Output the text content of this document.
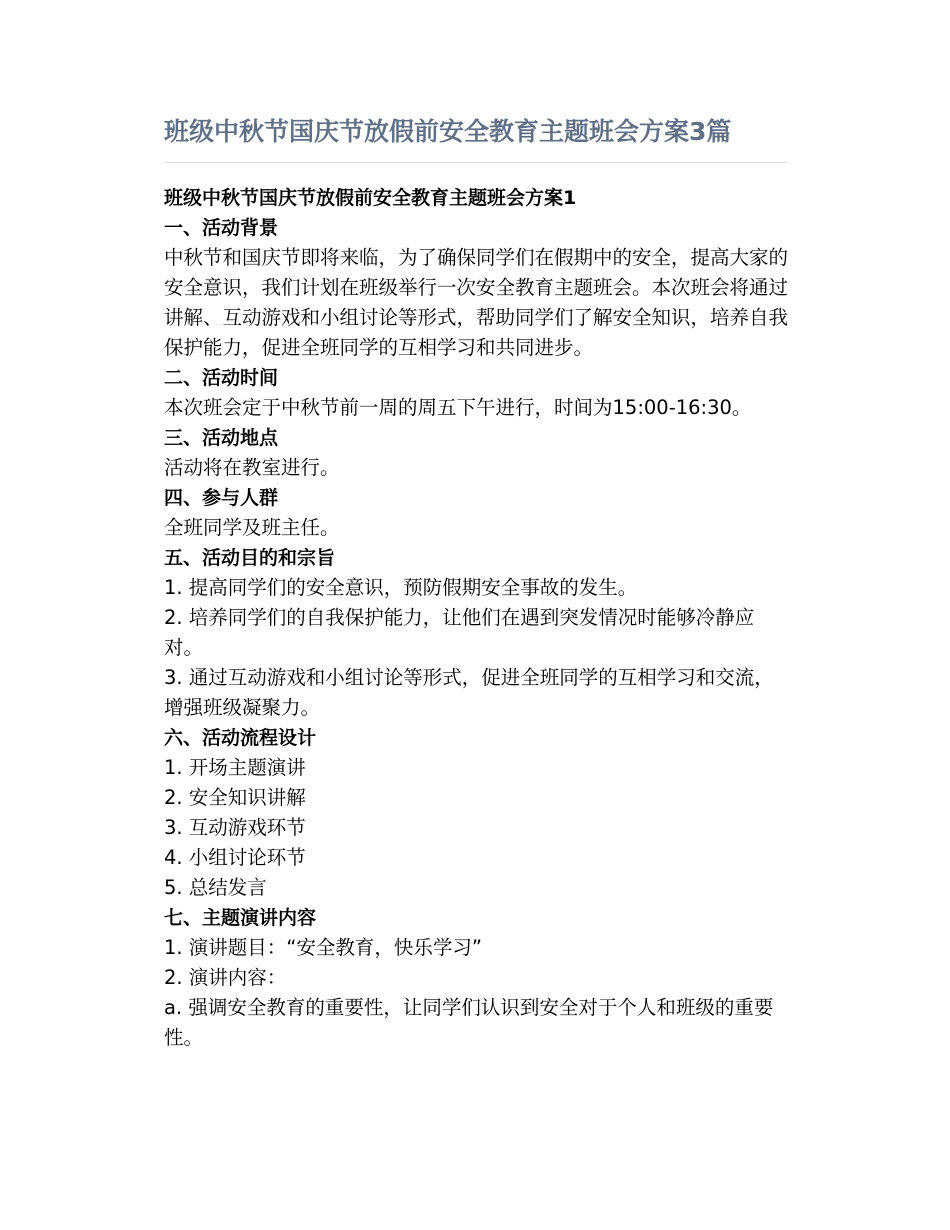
班级中秋节国庆节放假前安全教育主题班会方案3篇

班级中秋节国庆节放假前安全教育主题班会方案1

一、活动背景

中秋节和国庆节即将来临，为了确保同学们在假期中的安全，提高大家的安全意识，我们计划在班级举行一次安全教育主题班会。本次班会将通过讲解、互动游戏和小组讨论等形式，帮助同学们了解安全知识，培养自我保护能力，促进全班同学的互相学习和共同进步。

二、活动时间

本次班会定于中秋节前一周的周五下午进行，时间为15:00-16:30。

三、活动地点

活动将在教室进行。

四、参与人群

全班同学及班主任。

五、活动目的和宗旨

1. 提高同学们的安全意识，预防假期安全事故的发生。

2. 培养同学们的自我保护能力，让他们在遇到突发情况时能够冷静应对。

3. 通过互动游戏和小组讨论等形式，促进全班同学的互相学习和交流，增强班级凝聚力。

六、活动流程设计

1. 开场主题演讲

2. 安全知识讲解

3. 互动游戏环节

4. 小组讨论环节

5. 总结发言

七、主题演讲内容

1. 演讲题目：“安全教育，快乐学习”

2. 演讲内容：

a. 强调安全教育的重要性，让同学们认识到安全对于个人和班级的重要性。
